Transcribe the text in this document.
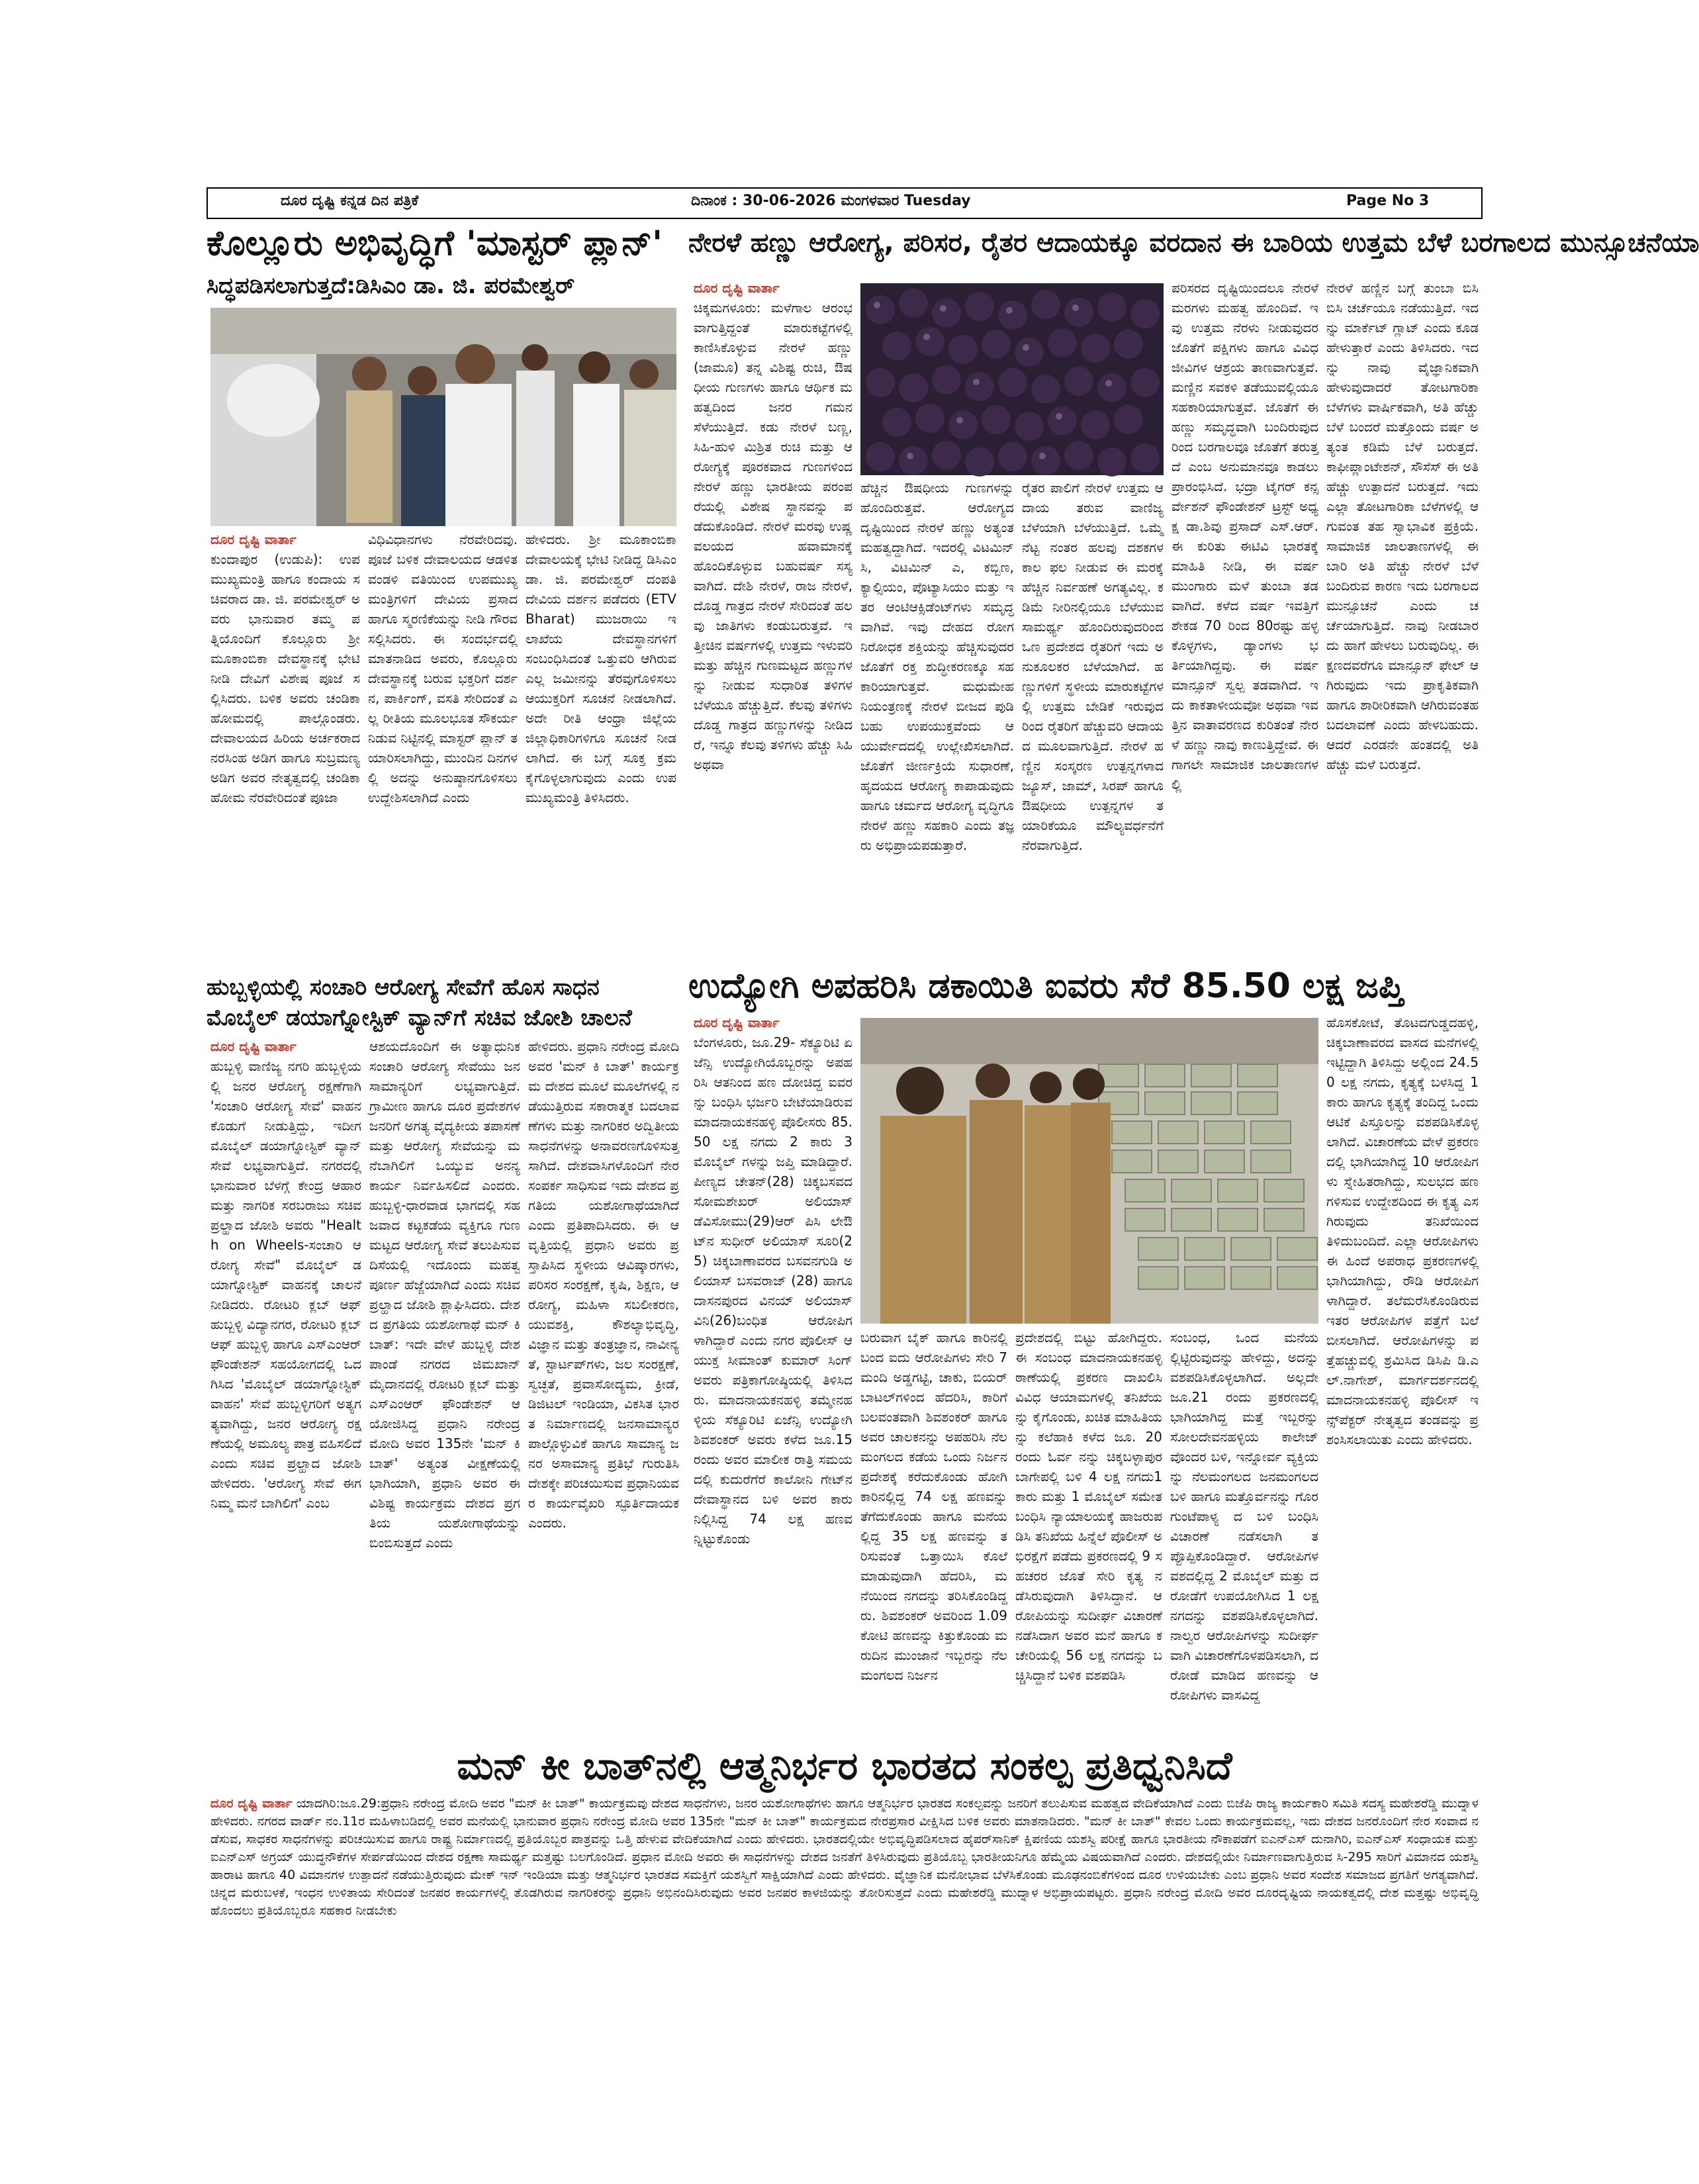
ದೂರ ದೃಷ್ಟಿ ಕನ್ನಡ ದಿನ ಪತ್ರಿಕೆ	ದಿನಾಂಕ : 30-06-2026 ಮಂಗಳವಾರ Tuesday	Page No 3
ಕೊಲ್ಲೂರು ಅಭಿವೃದ್ಧಿಗೆ 'ಮಾಸ್ಟರ್ ಪ್ಲಾನ್'
ಸಿದ್ಧಪಡಿಸಲಾಗುತ್ತದೆ:ಡಿಸಿಎಂ ಡಾ. ಜಿ. ಪರಮೇಶ್ವರ್
ದೂರ ದೃಷ್ಟಿ ವಾರ್ತಾ
ಕುಂದಾಪುರ (ಉಡುಪಿ): ಉಪಮುಖ್ಯಮಂತ್ರಿ ಹಾಗೂ ಕಂದಾಯ ಸಚಿವರಾದ ಡಾ. ಜಿ. ಪರಮೇಶ್ವರ್ ಅವರು ಭಾನುವಾರ ತಮ್ಮ ಪತ್ನಿಯೊಂದಿಗೆ ಕೊಲ್ಲೂರು ಶ್ರೀ ಮೂಕಾಂಬಿಕಾ ದೇವಸ್ಥಾನಕ್ಕೆ ಭೇಟಿ ನೀಡಿ ದೇವಿಗೆ ವಿಶೇಷ ಪೂಜೆ ಸಲ್ಲಿಸಿದರು. ಬಳಿಕ ಅವರು ಚಂಡಿಕಾ ಹೋಮದಲ್ಲಿ ಪಾಲ್ಗೊಂಡರು. ದೇವಾಲಯದ ಹಿರಿಯ ಅರ್ಚಕರಾದ ನರಸಿಂಹ ಅಡಿಗ ಹಾಗೂ ಸುಬ್ರಮಣ್ಯ ಅಡಿಗ ಅವರ ನೇತೃತ್ವದಲ್ಲಿ ಚಂಡಿಕಾ ಹೋಮ ನೆರವೇರಿದಂತೆ ಪೂಜಾ
ವಿಧಿವಿಧಾನಗಳು ನೆರವೇರಿದವು. ಪೂಜೆ ಬಳಿಕ ದೇವಾಲಯದ ಆಡಳಿತ ವಂಡಳಿ ವತಿಯಿಂದ ಉಪಮುಖ್ಯಮಂತ್ರಿಗಳಿಗೆ ದೇವಿಯ ಪ್ರಸಾದ ಹಾಗೂ ಸ್ಮರಣಿಕೆಯನ್ನು ನೀಡಿ ಗೌರವ ಸಲ್ಲಿಸಿದರು. ಈ ಸಂದರ್ಭದಲ್ಲಿ ಮಾತನಾಡಿದ ಅವರು, ಕೊಲ್ಲೂರು ದೇವಸ್ಥಾನಕ್ಕೆ ಬರುವ ಭಕ್ತರಿಗೆ ದರ್ಶನ, ಪಾರ್ಕಿಂಗ್, ವಸತಿ ಸೇರಿದಂತೆ ಎಲ್ಲ ರೀತಿಯ ಮೂಲಭೂತ ಸೌಕರ್ಯ ನಿಡುವ ನಿಟ್ಟಿನಲ್ಲಿ ಮಾಸ್ಟರ್ ಪ್ಲಾನ್ ತಯಾರಿಸಲಾಗಿದ್ದು, ಮುಂದಿನ ದಿನಗಳಲ್ಲಿ ಅದನ್ನು ಅನುಷ್ಠಾನಗೊಳಿಸಲು ಉದ್ದೇಶಿಸಲಾಗಿದೆ ಎಂದು
ಹೇಳಿದರು. ಶ್ರೀ ಮೂಕಾಂಬಿಕಾ ದೇವಾಲಯಕ್ಕೆ ಭೇಟಿ ನೀಡಿದ್ದ ಡಿಸಿಎಂ ಡಾ. ಜಿ. ಪರಮೇಶ್ವರ್ ದಂಪತಿ ದೇವಿಯ ದರ್ಶನ ಪಡೆದರು (ETV Bharat) ಮುಜರಾಯಿ ಇಲಾಖೆಯ ದೇವಸ್ಥಾನಗಳಿಗೆ ಸಂಬಂಧಿಸಿದಂತೆ ಒತ್ತುವರಿ ಆಗಿರುವ ಎಲ್ಲ ಜಮೀನನ್ನು ತೆರವುಗೊಳಿಸಲು ಆಯುಕ್ತರಿಗೆ ಸೂಚನೆ ನೀಡಲಾಗಿದೆ. ಅದೇ ರೀತಿ ಆಂಧ್ರಾ ಜಿಲ್ಲೆಯ ಜಿಲ್ಲಾಧಿಕಾರಿಗಳಿಗೂ ಸೂಚನೆ ನೀಡಲಾಗಿದೆ. ಈ ಬಗ್ಗೆ ಸೂಕ್ತ ಕ್ರಮ ಕೈಗೊಳ್ಳಲಾಗುವುದು ಎಂದು ಉಪಮುಖ್ಯಮಂತ್ರಿ ತಿಳಿಸಿದರು.
ನೇರಳೆ ಹಣ್ಣು ಆರೋಗ್ಯ, ಪರಿಸರ, ರೈತರ ಆದಾಯಕ್ಕೂ ವರದಾನ ಈ ಬಾರಿಯ ಉತ್ತಮ ಬೆಳೆ ಬರಗಾಲದ ಮುನ್ಸೂಚನೆಯಾ
ದೂರ ದೃಷ್ಟಿ ವಾರ್ತಾ
ಚಿಕ್ಕಮಗಳೂರು: ಮಳೆಗಾಲ ಆರಂಭ ವಾಗುತ್ತಿದ್ದಂತೆ ಮಾರುಕಟ್ಟೆಗಳಲ್ಲಿ ಕಾಣಿಸಿಕೊಳ್ಳುವ ನೇರಳೆ ಹಣ್ಣು (ಜಾಮೂ) ತನ್ನ ವಿಶಿಷ್ಟ ರುಚಿ, ಔಷಧೀಯ ಗುಣಗಳು ಹಾಗೂ ಆರ್ಥಿಕ ಮಹತ್ವದಿಂದ ಜನರ ಗಮನ ಸೆಳೆಯುತ್ತಿದೆ. ಕಡು ನೇರಳೆ ಬಣ್ಣ, ಸಿಹಿ-ಹುಳಿ ಮಿಶ್ರಿತ ರುಚಿ ಮತ್ತು ಆರೋಗ್ಯಕ್ಕೆ ಪೂರಕವಾದ ಗುಣಗಳಿಂದ ನೇರಳೆ ಹಣ್ಣು ಭಾರತೀಯ ಪರಂಪರೆಯಲ್ಲಿ ವಿಶೇಷ ಸ್ಥಾನವನ್ನು ಪಡೆದುಕೊಂಡಿದೆ. ನೇರಳೆ ಮರವು ಉಷ್ಣವಲಯದ ಹವಾಮಾನಕ್ಕೆ ಹೊಂದಿಕೊಳ್ಳುವ ಬಹುವರ್ಷ ಸಸ್ಯವಾಗಿದೆ. ದೇಶಿ ನೇರಳೆ, ರಾಜ ನೇರಳೆ, ದೊಡ್ಡ ಗಾತ್ರದ ನೇರಳೆ ಸೇರಿದಂತೆ ಹಲವು ಜಾತಿಗಳು ಕಂಡುಬರುತ್ತವೆ. ಇತ್ತೀಚಿನ ವರ್ಷಗಳಲ್ಲಿ ಉತ್ತಮ ಇಳುವರಿ ಮತ್ತು ಹೆಚ್ಚಿನ ಗುಣಮಟ್ಟದ ಹಣ್ಣುಗಳನ್ನು ನೀಡುವ ಸುಧಾರಿತ ತಳಿಗಳ ಬೆಳೆಯೂ ಹೆಚ್ಚುತ್ತಿದೆ. ಕೆಲವು ತಳಿಗಳು ದೊಡ್ಡ ಗಾತ್ರದ ಹಣ್ಣುಗಳನ್ನು ನೀಡಿದರೆ, ಇನ್ನೂ ಕೆಲವು ತಳಿಗಳು ಹೆಚ್ಚು ಸಿಹಿ ಅಥವಾ
ಹೆಚ್ಚಿನ ಔಷಧೀಯ ಗುಣಗಳನ್ನು ಹೊಂದಿರುತ್ತವೆ. ಆರೋಗ್ಯದ ದೃಷ್ಟಿಯಿಂದ ನೇರಳೆ ಹಣ್ಣು ಅತ್ಯಂತ ಮಹತ್ವದ್ದಾಗಿದೆ. ಇದರಲ್ಲಿ ವಿಟಮಿನ್ ಸಿ, ವಿಟಮಿನ್ ಎ, ಕಬ್ಬಿಣ, ಕ್ಯಾಲ್ಸಿಯಂ, ಪೊಟ್ಯಾಸಿಯಂ ಮತ್ತು ಇತರ ಆಂಟಿಆಕ್ಸಿಡೆಂಟ್‌ಗಳು ಸಮೃದ್ಧವಾಗಿವೆ. ಇವು ದೇಹದ ರೋಗನಿರೋಧಕ ಶಕ್ತಿಯನ್ನು ಹೆಚ್ಚಿಸುವುದರ ಜೊತೆಗೆ ರಕ್ತ ಶುದ್ಧೀಕರಣಕ್ಕೂ ಸಹಕಾರಿಯಾಗುತ್ತವೆ. ಮಧುಮೇಹ ನಿಯಂತ್ರಣಕ್ಕೆ ನೇರಳೆ ಬೀಜದ ಪುಡಿ ಬಹು ಉಪಯುಕ್ತವೆಂದು ಆಯುರ್ವೇದದಲ್ಲಿ ಉಲ್ಲೇಖಿಸಲಾಗಿದೆ. ಜೊತೆಗೆ ಜೀರ್ಣಕ್ರಿಯೆ ಸುಧಾರಣೆ, ಹೃದಯದ ಆರೋಗ್ಯ ಕಾಪಾಡುವುದು ಹಾಗೂ ಚರ್ಮದ ಆರೋಗ್ಯ ವೃದ್ಧಿಗೂ ನೇರಳೆ ಹಣ್ಣು ಸಹಕಾರಿ ಎಂದು ತಜ್ಞರು ಅಭಿಪ್ರಾಯಪಡುತ್ತಾರೆ.
ರೈತರ ಪಾಲಿಗೆ ನೇರಳೆ ಉತ್ತಮ ಆದಾಯ ತರುವ ವಾಣಿಜ್ಯ ಬೆಳೆಯಾಗಿ ಬೆಳೆಯುತ್ತಿದೆ. ಒಮ್ಮೆ ನೆಟ್ಟ ನಂತರ ಹಲವು ದಶಕಗಳ ಕಾಲ ಫಲ ನೀಡುವ ಈ ಮರಕ್ಕೆ ಹೆಚ್ಚಿನ ನಿರ್ವಹಣೆ ಅಗತ್ಯವಿಲ್ಲ. ಕಡಿಮೆ ನೀರಿನಲ್ಲಿಯೂ ಬೆಳೆಯುವ ಸಾಮರ್ಥ್ಯ ಹೊಂದಿರುವುದರಿಂದ ಒಣ ಪ್ರದೇಶದ ರೈತರಿಗೆ ಇದು ಅನುಕೂಲಕರ ಬೆಳೆಯಾಗಿದೆ. ಹಣ್ಣುಗಳಿಗೆ ಸ್ಥಳೀಯ ಮಾರುಕಟ್ಟೆಗಳಲ್ಲಿ ಉತ್ತಮ ಬೇಡಿಕೆ ಇರುವುದರಿಂದ ರೈತರಿಗೆ ಹೆಚ್ಚುವರಿ ಆದಾಯದ ಮೂಲವಾಗುತ್ತಿದೆ. ನೇರಳೆ ಹಣ್ಣಿನ ಸಂಸ್ಕರಣ ಉತ್ಪನ್ನಗಳಾದ ಜ್ಯೂಸ್, ಜಾಮ್, ಸಿರಪ್ ಹಾಗೂ ಔಷಧೀಯ ಉತ್ಪನ್ನಗಳ ತಯಾರಿಕೆಯೂ ಮೌಲ್ಯವರ್ಧನೆಗೆ ನೆರವಾಗುತ್ತಿದೆ.
ಪರಿಸರದ ದೃಷ್ಟಿಯಿಂದಲೂ ನೇರಳೆ ಮರಗಳು ಮಹತ್ವ ಹೊಂದಿವೆ. ಇವು ಉತ್ತಮ ನೆರಳು ನೀಡುವುದರ ಜೊತೆಗೆ ಪಕ್ಷಿಗಳು ಹಾಗೂ ವಿವಿಧ ಜೀವಿಗಳ ಆಶ್ರಯ ತಾಣವಾಗುತ್ತವೆ. ಮಣ್ಣಿನ ಸವಕಳಿ ತಡೆಯುವಲ್ಲಿಯೂ ಸಹಕಾರಿಯಾಗುತ್ತವೆ. ಜೊತೆಗೆ ಈ ಹಣ್ಣು ಸಮೃದ್ಧವಾಗಿ ಬಂದಿರುವುದರಿಂದ ಬರಗಾಲವೂ ಜೊತೆಗೆ ತರುತ್ತದೆ ಎಂಬ ಅನುಮಾನವೂ ಕಾಡಲು ಪ್ರಾರಂಭಿಸಿದೆ. ಭದ್ರಾ ಟೈಗರ್ ಕನ್ಸರ್ವೇಶನ್ ಫೌಂಡೇಶನ್ ಟ್ರಸ್ಟ್ ಅಧ್ಯಕ್ಷ ಡಾ.ಶಿವು ಪ್ರಸಾದ್ ಎಸ್.ಆರ್. ಈ ಕುರಿತು ಈಟಿವಿ ಭಾರತಕ್ಕೆ ಮಾಹಿತಿ ನೀಡಿ, ಈ ವರ್ಷ ಮುಂಗಾರು ಮಳೆ ತುಂಬಾ ತಡವಾಗಿದೆ. ಕಳೆದ ವರ್ಷ ಇವತ್ತಿಗೆ ಶೇಕಡ 70 ರಿಂದ 80ರಷ್ಟು ಹಳ್ಳಕೊಳ್ಳಗಳು, ಡ್ಯಾಂಗಳು ಭರ್ತಿಯಾಗಿದ್ದವು. ಈ ವರ್ಷ ಮಾನ್ಸೂನ್ ಸ್ವಲ್ಪ ತಡವಾಗಿದೆ. ಇದು ಕಾಕತಾಳೀಯವೋ ಅಥವಾ ಇವತ್ತಿನ ವಾತಾವರಣದ ಕುರಿತಂತೆ ನೇರಳೆ ಹಣ್ಣು ನಾವು ಕಾಣುತ್ತಿದ್ದೇವೆ. ಈಗಾಗಲೇ ಸಾಮಾಜಿಕ ಜಾಲತಾಣಗಳಲ್ಲಿ
ನೇರಳೆ ಹಣ್ಣಿನ ಬಗ್ಗೆ ತುಂಬಾ ಬಿಸಿ ಬಿಸಿ ಚರ್ಚೆಯೂ ನಡೆಯುತ್ತಿದೆ. ಇದನ್ನು ಮಾರ್ಕೆಟ್ ಗ್ಲಾಟ್ ಎಂದು ಕೂಡ ಹೇಳುತ್ತಾರೆ ಎಂದು ತಿಳಿಸಿದರು. ಇದನ್ನು ನಾವು ವೈಜ್ಞಾನಿಕವಾಗಿ ಹೇಳುವುದಾದರೆ ತೋಟಗಾರಿಕಾ ಬೆಳೆಗಳು ವಾರ್ಷಿಕವಾಗಿ, ಅತಿ ಹೆಚ್ಚು ಬೆಳೆ ಬಂದರೆ ಮತ್ತೊಂದು ವರ್ಷ ಅತ್ಯಂತ ಕಡಿಮೆ ಬೆಳೆ ಬರುತ್ತದೆ. ಕಾಫೀಪ್ಲಾಂಟೇಶನ್, ಸೌಸೆಸ್ ಈ ಅತಿ ಹೆಚ್ಚು ಉತ್ಪಾದನೆ ಬರುತ್ತದೆ. ಇದು ಎಲ್ಲಾ ತೋಟಗಾರಿಕಾ ಬೆಳೆಗಳಲ್ಲಿ ಆಗುವಂತ ತಹ ಸ್ವಾಭಾವಿಕ ಪ್ರಕ್ರಿಯೆ. ಸಾಮಾಜಿಕ ಜಾಲತಾಣಗಳಲ್ಲಿ ಈ ಬಾರಿ ಅತಿ ಹೆಚ್ಚು ನೇರಳೆ ಬೆಳೆ ಬಂದಿರುವ ಕಾರಣ ಇದು ಬರಗಾಲದ ಮುನ್ಸೂಚನೆ ಎಂದು ಚರ್ಚೆಯಾಗುತ್ತಿದೆ. ನಾವು ನೀಡಬಾರದು ಹಾಗೆ ಹೇಳಲು ಬರುವುದಿಲ್ಲ. ಈ ಕ್ಷಣದವರೆಗೂ ಮಾನ್ಸೂನ್ ಫೇಲ್ ಆಗಿರುವುದು ಇದು ಪ್ರಾಕೃತಿಕವಾಗಿ ಹಾಗೂ ಶಾರೀರಿಕವಾಗಿ ಆಗಿರುವಂತಹ ಬದಲಾವಣೆ ಎಂದು ಹೇಳಬಹುದು. ಆದರೆ ಎರಡನೇ ಹಂತದಲ್ಲಿ ಅತಿ ಹೆಚ್ಚು ಮಳೆ ಬರುತ್ತದೆ.
ಹುಬ್ಬಳ್ಳಿಯಲ್ಲಿ ಸಂಚಾರಿ ಆರೋಗ್ಯ ಸೇವೆಗೆ ಹೊಸ ಸಾಧನ
ಮೊಬೈಲ್ ಡಯಾಗ್ನೋಸ್ಟಿಕ್ ವ್ಯಾನ್‌ಗೆ ಸಚಿವ ಜೋಶಿ ಚಾಲನೆ
ದೂರ ದೃಷ್ಟಿ ವಾರ್ತಾ
ಹುಬ್ಬಳ್ಳಿ ವಾಣಿಜ್ಯ ನಗರಿ ಹುಬ್ಬಳ್ಳಿಯಲ್ಲಿ ಜನರ ಆರೋಗ್ಯ ರಕ್ಷಣೆಗಾಗಿ 'ಸಂಚಾರಿ ಆರೋಗ್ಯ ಸೇವೆ' ವಾಹನ ಕೊಡುಗೆ ನೀಡುತ್ತಿದ್ದು, ಇದೀಗ ಮೊಬೈಲ್ ಡಯಾಗ್ನೋಸ್ಟಿಕ್ ವ್ಯಾನ್ ಸೇವೆ ಲಭ್ಯವಾಗುತ್ತಿದೆ. ನಗರದಲ್ಲಿ ಭಾನುವಾರ ಬೆಳಗ್ಗೆ ಕೇಂದ್ರ ಆಹಾರ ಮತ್ತು ನಾಗರಿಕ ಸರಬರಾಜು ಸಚಿವ ಪ್ರಲ್ಹಾದ ಜೋಶಿ ಅವರು "Health on Wheels-ಸಂಚಾರಿ ಆರೋಗ್ಯ ಸೇವೆ" ಮೊಬೈಲ್ ಡಯಾಗ್ನೋಸ್ಟಿಕ್ ವಾಹನಕ್ಕೆ ಚಾಲನೆ ನೀಡಿದರು. ರೋಟರಿ ಕ್ಲಬ್ ಆಫ್ ಹುಬ್ಬಳ್ಳಿ ವಿದ್ಯಾನಗರ, ರೋಟರಿ ಕ್ಲಬ್ ಆಫ್ ಹುಬ್ಬಳ್ಳಿ ಹಾಗೂ ಎಸ್‌ಎಂಆರ್ ಫೌಂಡೇಶನ್ ಸಹಯೋಗದಲ್ಲಿ ಒದಗಿಸಿದ 'ಮೊಬೈಲ್ ಡಯಾಗ್ನೋಸ್ಟಿಕ್ ವಾಹನ' ಸೇವೆ ಹುಬ್ಬಳ್ಳಿಗರಿಗೆ ಅತ್ಯಗತ್ಯವಾಗಿದ್ದು, ಜನರ ಆರೋಗ್ಯ ರಕ್ಷಣೆಯಲ್ಲಿ ಅಮೂಲ್ಯ ಪಾತ್ರ ವಹಿಸಲಿದೆ ಎಂದು ಸಚಿವ ಪ್ರಲ್ಹಾದ ಜೋಶಿ ಹೇಳಿದರು. 'ಆರೋಗ್ಯ ಸೇವೆ ಈಗ ನಿಮ್ಮ ಮನೆ ಬಾಗಿಲಿಗೆ' ಎಂಬ
ಆಶಯದೊಂದಿಗೆ ಈ ಅತ್ಯಾಧುನಿಕ ಸಂಚಾರಿ ಆರೋಗ್ಯ ಸೇವೆಯು ಜನಸಾಮಾನ್ಯರಿಗೆ ಲಭ್ಯವಾಗುತ್ತಿದೆ. ಗ್ರಾಮೀಣ ಹಾಗೂ ದೂರ ಪ್ರದೇಶಗಳ ಜನರಿಗೆ ಅಗತ್ಯ ವೈದ್ಯಕೀಯ ತಪಾಸಣೆ ಮತ್ತು ಆರೋಗ್ಯ ಸೇವೆಯನ್ನು ಮನೆಬಾಗಿಲಿಗೆ ಒಯ್ಯುವ ಅನನ್ಯ ಕಾರ್ಯ ನಿರ್ವಹಿಸಲಿದೆ ಎಂದರು. ಹುಬ್ಬಳ್ಳಿ-ಧಾರವಾಡ ಭಾಗದಲ್ಲಿ ಸಹಜವಾದ ಕಟ್ಟಕಡೆಯ ವ್ಯಕ್ತಿಗೂ ಗುಣಮಟ್ಟದ ಆರೋಗ್ಯ ಸೇವೆ ತಲುಪಿಸುವ ದಿಸೆಯಲ್ಲಿ ಇದೊಂದು ಮಹತ್ವಪೂರ್ಣ ಹೆಜ್ಜೆಯಾಗಿದೆ ಎಂದು ಸಚಿವ ಪ್ರಲ್ಹಾದ ಜೋಶಿ ಶ್ಲಾಘಿಸಿದರು. ದೇಶದ ಪ್ರಗತಿಯ ಯಶೋಗಾಥೆ ಮನ್ ಕಿ ಬಾತ್: ಇದೇ ವೇಳೆ ಹುಬ್ಬಳ್ಳಿ ದೇಶಪಾಂಡೆ ನಗರದ ಜಿಮಖಾನ್ ಮೈದಾನದಲ್ಲಿ ರೋಟರಿ ಕ್ಲಬ್ ಮತ್ತು ಎಸ್‌ಎಂಆರ್ ಫೌಂಡೇಶನ್ ಆಯೋಜಿಸಿದ್ದ ಪ್ರಧಾನಿ ನರೇಂದ್ರ ಮೋದಿ ಅವರ 135ನೇ 'ಮನ್ ಕಿ ಬಾತ್' ಅತ್ಯಂತ ವೀಕ್ಷಣೆಯಲ್ಲಿ ಭಾಗಿಯಾಗಿ, ಪ್ರಧಾನಿ ಅವರ ಈ ವಿಶಿಷ್ಟ ಕಾರ್ಯಕ್ರಮ ದೇಶದ ಪ್ರಗತಿಯ ಯಶೋಗಾಥೆಯನ್ನು ಬಿಂಬಿಸುತ್ತದೆ ಎಂದು
ಹೇಳಿದರು. ಪ್ರಧಾನಿ ನರೇಂದ್ರ ಮೋದಿ ಅವರ 'ಮನ್ ಕಿ ಬಾತ್' ಕಾರ್ಯಕ್ರಮ ದೇಶದ ಮೂಲೆ ಮೂಲೆಗಳಲ್ಲಿ ನಡೆಯುತ್ತಿರುವ ಸಕಾರಾತ್ಮಕ ಬದಲಾವಣೆಗಳು ಮತ್ತು ನಾಗರಿಕರ ಅದ್ವಿತೀಯ ಸಾಧನೆಗಳನ್ನು ಅನಾವರಣಗೊಳಿಸುತ್ತ ಸಾಗಿದೆ. ದೇಶವಾಸಿಗಳೊಂದಿಗೆ ನೇರ ಸಂಪರ್ಕ ಸಾಧಿಸುವ ಇದು ದೇಶದ ಪ್ರಗತಿಯ ಯಶೋಗಾಥೆಯಾಗಿದೆ ಎಂದು ಪ್ರತಿಪಾದಿಸಿದರು. ಈ ಆವೃತ್ತಿಯಲ್ಲಿ ಪ್ರಧಾನಿ ಅವರು ಪ್ರಸ್ತಾಪಿಸಿದ ಸ್ಥಳೀಯ ಆವಿಷ್ಕಾರಗಳು, ಪರಿಸರ ಸಂರಕ್ಷಣೆ, ಕೃಷಿ, ಶಿಕ್ಷಣ, ಆರೋಗ್ಯ, ಮಹಿಳಾ ಸಬಲೀಕರಣ, ಯುವಶಕ್ತಿ, ಕೌಶಲ್ಯಾಭಿವೃದ್ಧಿ, ವಿಜ್ಞಾನ ಮತ್ತು ತಂತ್ರಜ್ಞಾನ, ನಾವೀನ್ಯತೆ, ಸ್ಟಾರ್ಟಪ್‌ಗಳು, ಜಲ ಸಂರಕ್ಷಣೆ, ಸ್ವಚ್ಛತೆ, ಪ್ರವಾಸೋದ್ಯಮ, ಕ್ರೀಡೆ, ಡಿಜಿಟಲ್ ಇಂಡಿಯಾ, ವಿಕಸಿತ ಭಾರತ ನಿರ್ಮಾಣದಲ್ಲಿ ಜನಸಾಮಾನ್ಯರ ಪಾಲ್ಗೊಳ್ಳುವಿಕೆ ಹಾಗೂ ಸಾಮಾನ್ಯ ಜನರ ಅಸಾಮಾನ್ಯ ಪ್ರತಿಭೆ ಗುರುತಿಸಿ ದೇಶಕ್ಕೇ ಪರಿಚಯಿಸುವ ಪ್ರಧಾನಿಯವರ ಕಾರ್ಯವೈಖರಿ ಸ್ಫೂರ್ತಿದಾಯಕ ಎಂದರು.
ಉದ್ಯೋಗಿ ಅಪಹರಿಸಿ ಡಕಾಯಿತಿ ಐವರು ಸೆರೆ 85.50 ಲಕ್ಷ ಜಪ್ತಿ
ದೂರ ದೃಷ್ಟಿ ವಾರ್ತಾ
ಬೆಂಗಳೂರು, ಜೂ.29- ಸೆಕ್ಯೂರಿಟಿ ಏಜೆನ್ಸಿ ಉದ್ಯೋಗಿಯೊಬ್ಬರನ್ನು ಅಪಹರಿಸಿ ಆತನಿಂದ ಹಣ ದೋಚಿದ್ದ ಐವರನ್ನು ಬಂಧಿಸಿ ಭರ್ಜರಿ ಬೇಟೆಯಾಡಿರುವ ಮಾದನಾಯಕನಹಳ್ಳಿ ಪೊಲೀಸರು 85.50 ಲಕ್ಷ ನಗದು 2 ಕಾರು 3 ಮೊಬೈಲ್ ಗಳನ್ನು ಜಪ್ತಿ ಮಾಡಿದ್ದಾರೆ. ಪೀಣ್ಯದ ಚೇತನ್(28) ಚಿಕ್ಕಬಸವದ ಸೋಮಶೇಖರ್ ಅಲಿಯಾಸ್ ಡೆವಿಸೋಮು(29)ಆರ್ ಪಿಸಿ ಲೇಔಟ್‌ನ ಸುಧೀರ್ ಅಲಿಯಾಸ್ ಸೂರಿ(25) ಚಿಕ್ಕಬಾಣಾವರದ ಬಸವನಗುಡಿ ಅಲಿಯಾಸ್ ಬಸವರಾಜ್ (28) ಹಾಗೂ ದಾಸನಪುರದ ವಿನಯ್ ಅಲಿಯಾಸ್ ವಿನಿ(26)ಬಂಧಿತ ಆರೋಪಿಗಳಾಗಿದ್ದಾರೆ ಎಂದು ನಗರ ಪೊಲೀಸ್ ಆಯುಕ್ತ ಸೀಮಾಂತ್ ಕುಮಾರ್ ಸಿಂಗ್ ಅವರು ಪತ್ರಿಕಾಗೋಷ್ಠಿಯಲ್ಲಿ ತಿಳಿಸಿದರು. ಮಾದನಾಯಕನಹಳ್ಳಿ ತಮ್ಮೇನಹಳ್ಳಿಯ ಸೆಕ್ಯೂರಿಟಿ ಏಜೆನ್ಸಿ ಉದ್ಯೋಗಿ ಶಿವಶಂಕರ್ ಅವರು ಕಳೆದ ಜೂ.15 ರಂದು ಅವರ ಮಾಲೀಕ ರಾತ್ರಿ ಸಮಯದಲ್ಲಿ ಕುದುರೆಗೆರೆ ಕಾಲೋನಿ ಗೇಟ್‌ನ ದೇವಾಸ್ಥಾನದ ಬಳಿ ಅವರ ಕಾರು ನಿಲ್ಲಿಸಿದ್ದ 74 ಲಕ್ಷ ಹಣವನ್ನಿಟ್ಟುಕೊಂಡು
ಬರುವಾಗ ಬೈಕ್ ಹಾಗೂ ಕಾರಿನಲ್ಲಿ ಬಂದ ಐದು ಆರೋಪಿಗಳು ಸೇರಿ 7 ಮಂದಿ ಅಡ್ಡಗಟ್ಟಿ, ಚಾಕು, ಬಿಯರ್ ಬಾಟಲ್‌ಗಳಿಂದ ಹೆದರಿಸಿ, ಕಾರಿಗೆ ಬಲವಂತವಾಗಿ ಶಿವಶಂಕರ್ ಹಾಗೂ ಅವರ ಚಾಲಕನನ್ನು ಅಪಹರಿಸಿ ನೆಲಮಂಗಲದ ಕಡೆಯ ಒಂದು ನಿರ್ಜನ ಪ್ರದೇಶಕ್ಕೆ ಕರೆದುಕೊಂಡು ಹೋಗಿ ಕಾರಿನಲ್ಲಿದ್ದ 74 ಲಕ್ಷ ಹಣವನ್ನು ತೆಗೆದುಕೊಂಡು ಹಾಗೂ ಮನೆಯಲ್ಲಿದ್ದ 35 ಲಕ್ಷ ಹಣವನ್ನು ತರಿಸುವಂತೆ ಒತ್ತಾಯಿಸಿ ಕೊಲೆ ಮಾಡುವುದಾಗಿ ಹೆದರಿಸಿ, ಮನೆಯಿಂದ ನಗದನ್ನು ತರಿಸಿಕೊಂಡಿದ್ದರು. ಶಿವಶಂಕರ್ ಅವರಿಂದ 1.09 ಕೋಟಿ ಹಣವನ್ನು ಕಿತ್ತುಕೊಂಡು ಮರುದಿನ ಮುಂಜಾನೆ ಇಬ್ಬರನ್ನು ನೆಲಮಂಗಲದ ನಿರ್ಜನ
ಪ್ರದೇಶದಲ್ಲಿ ಬಿಟ್ಟು ಹೋಗಿದ್ದರು. ಈ ಸಂಬಂಧ ಮಾದನಾಯಕನಹಳ್ಳಿ ಠಾಣೆಯಲ್ಲಿ ಪ್ರಕರಣ ದಾಖಲಿಸಿ ವಿವಿಧ ಆಯಾಮಗಳಲ್ಲಿ ತನಿಖೆಯನ್ನು ಕೈಗೊಂಡು, ಖಚಿತ ಮಾಹಿತಿಯನ್ನು ಕಲೆಹಾಕಿ ಕಳೆದ ಜೂ. 20 ರಂದು ಓರ್ವ ನನ್ನು ಚಿಕ್ಕಬಳ್ಳಾಪುರ ಬಾಗೇಪಲ್ಲಿ ಬಳಿ 4 ಲಕ್ಷ ನಗದು1 ಕಾರು ಮತ್ತು 1 ಮೊಬೈಲ್ ಸಮೇತ ಬಂಧಿಸಿ ನ್ಯಾಯಾಲಯಕ್ಕೆ ಹಾಜರುಪಡಿಸಿ ತನಿಖೆಯ ಹಿನ್ನೆಲೆ ಪೊಲೀಸ್ ಅಭಿರಕ್ಷೆಗೆ ಪಡೆದು ಪ್ರಕರಣದಲ್ಲಿ 9 ಸಹಚರರ ಜೊತೆ ಸೇರಿ ಕೃತ್ಯ ನಡೆಸಿರುವುದಾಗಿ ತಿಳಿಸಿದ್ದಾನೆ. ಆರೋಪಿಯನ್ನು ಸುದೀರ್ಘ ವಿಚಾರಣೆ ನಡೆಸಿದಾಗ ಅವರ ಮನೆ ಹಾಗೂ ಕಚೇರಿಯಲ್ಲಿ 56 ಲಕ್ಷ ನಗದನ್ನು ಬಚ್ಚಿಸಿದ್ದಾನೆ ಬಳಿಕ ವಶಪಡಿಸಿ
ಸಂಬಂಧ, ಒಂದ ಮನೆಯಲ್ಲಿಟ್ಟಿರುವುದನ್ನು ಹೇಳಿದ್ದು, ಅದನ್ನು ವಶಪಡಿಸಿಕೊಳ್ಳಲಾಗಿದೆ. ಅಲ್ಲದೇ ಜೂ.21 ರಂದು ಪ್ರಕರಣದಲ್ಲಿ ಭಾಗಿಯಾಗಿದ್ದ ಮತ್ತೆ ಇಬ್ಬರನ್ನು ಸೋಲದೇವನಹಳ್ಳಿಯ ಕಾಲೇಜ್ ವೊಂದರ ಬಳಿ, ಇನ್ನೋರ್ವ ವ್ಯಕ್ತಿಯನ್ನು ನೆಲಮಂಗಲದ ಜನಮಂಗಲದ ಬಳಿ ಹಾಗೂ ಮತ್ತೊರ್ವನನ್ನು ಗೊರಗುಂಟೆಪಾಳ್ಯ ದ ಬಳಿ ಬಂಧಿಸಿ ವಿಚಾರಣೆ ನಡೆಸಲಾಗಿ ತಪ್ಪೊಪ್ಪಿಕೊಂಡಿದ್ದಾರೆ. ಆರೋಪಿಗಳ ವಶದಲ್ಲಿದ್ದ 2 ಮೊಬೈಲ್ ಮತ್ತು ದರೋಡೆಗೆ ಉಪಯೋಗಿಸಿದ 1 ಲಕ್ಷ ನಗದನ್ನು ವಶಪಡಿಸಿಕೊಳ್ಳಲಾಗಿದೆ. ನಾಲ್ವರ ಆರೋಪಿಗಳನ್ನು ಸುದೀರ್ಘವಾಗಿ ವಿಚಾರಣೆಗೊಳಪಡಿಸಲಾಗಿ, ದರೋಡೆ ಮಾಡಿದ ಹಣವನ್ನು ಆರೋಪಿಗಳು ವಾಸವಿದ್ದ
ಹೊಸಕೋಟೆ, ತೊಟದಗುಡ್ಡದಹಳ್ಳಿ, ಚಿಕ್ಕಬಾಣಾವರದ ವಾಸದ ಮನೆಗಳಲ್ಲಿ ಇಟ್ಟಿದ್ದಾಗಿ ತಿಳಿಸಿದ್ದು ಅಲ್ಲಿಂದ 24.50 ಲಕ್ಷ ನಗದು, ಕೃತ್ಯಕ್ಕೆ ಬಳಸಿದ್ದ 1 ಕಾರು ಹಾಗೂ ಕೃತ್ಯಕ್ಕೆ ತಂದಿದ್ದ ಒಂದು ಆಟಿಕೆ ಪಿಸ್ತೂಲನ್ನು ವಶಪಡಿಸಿಕೊಳ್ಳಲಾಗಿದೆ. ವಿಚಾರಣೆಯ ವೇಳೆ ಪ್ರಕರಣದಲ್ಲಿ ಭಾಗಿಯಾಗಿದ್ದ 10 ಆರೋಪಿಗಳು ಸ್ನೇಹಿತರಾಗಿದ್ದು, ಸುಲಭದ ಹಣಗಳಿಸುವ ಉದ್ದೇಶದಿಂದ ಈ ಕೃತ್ಯ ಎಸಗಿರುವುದು ತನಿಖೆಯಿಂದ ತಿಳಿದುಬಂದಿದೆ. ಎಲ್ಲಾ ಆರೋಪಿಗಳು ಈ ಹಿಂದೆ ಅಪರಾಧ ಪ್ರಕರಣಗಳಲ್ಲಿ ಭಾಗಿಯಾಗಿದ್ದು, ರೌಡಿ ಆರೋಪಿಗಳಾಗಿದ್ದಾರೆ. ತಲೆಮರೆಸಿಕೊಂಡಿರುವ ಇತರ ಆರೋಪಿಗಳ ಪತ್ತೆಗೆ ಬಲೆ ಬೀಸಲಾಗಿದೆ. ಆರೋಪಿಗಳನ್ನು ಪತ್ತೆಹಚ್ಚುವಲ್ಲಿ ಶ್ರಮಿಸಿದ ಡಿಸಿಪಿ ಡಿ.ಎಲ್.ನಾಗೇಶ್, ಮಾರ್ಗದರ್ಶನದಲ್ಲಿ ಮಾದನಾಯಕನಹಳ್ಳಿ ಪೊಲೀಸ್ ಇನ್ಸ್‌ಪೆಕ್ಟರ್ ನೇತೃತ್ವದ ತಂಡವನ್ನು ಪ್ರಶಂಸಿಸಲಾಯಿತು ಎಂದು ಹೇಳಿದರು.
ಮನ್ ಕೀ ಬಾತ್‌ನಲ್ಲಿ ಆತ್ಮನಿರ್ಭರ ಭಾರತದ ಸಂಕಲ್ಪ ಪ್ರತಿಧ್ವನಿಸಿದೆ
ದೂರ ದೃಷ್ಟಿ ವಾರ್ತಾ ಯಾದಗಿರಿ:ಜೂ.29:ಪ್ರಧಾನಿ ನರೇಂದ್ರ ಮೋದಿ ಅವರ "ಮನ್ ಕೀ ಬಾತ್" ಕಾರ್ಯಕ್ರಮವು ದೇಶದ ಸಾಧನೆಗಳು, ಜನರ ಯಶೋಗಾಥೆಗಳು ಹಾಗೂ ಆತ್ಮನಿರ್ಭರ ಭಾರತದ ಸಂಕಲ್ಪವನ್ನು ಜನರಿಗೆ ತಲುಪಿಸುವ ಮಹತ್ವದ ವೇದಿಕೆಯಾಗಿದೆ ಎಂದು ಬಿಜೆಪಿ ರಾಜ್ಯ ಕಾರ್ಯಕಾರಿ ಸಮಿತಿ ಸದಸ್ಯ ಮಹೇಶರೆಡ್ಡಿ ಮುದ್ನಾಳ ಹೇಳಿದರು. ನಗರದ ವಾರ್ಡ್ ನಂ.11ರ ಮಹಿಳಾಬಡಿದಲ್ಲಿ ಅವರ ಮನೆಯಲ್ಲಿ ಭಾನುವಾರ ಪ್ರಧಾನಿ ನರೇಂದ್ರ ಮೋದಿ ಅವರ 135ನೇ "ಮನ್ ಕೀ ಬಾತ್" ಕಾರ್ಯಕ್ರಮದ ನೇರಪ್ರಸಾರ ವೀಕ್ಷಿಸಿದ ಬಳಿಕ ಅವರು ಮಾತನಾಡಿದರು. "ಮನ್ ಕೀ ಬಾತ್" ಕೇವಲ ಒಂದು ಕಾರ್ಯಕ್ರಮವಲ್ಲ, ಇದು ದೇಶದ ಜನರೊಂದಿಗೆ ನೇರ ಸಂವಾದ ನಡೆಸುವ, ಸಾಧಕರ ಸಾಧನೆಗಳನ್ನು ಪರಿಚಯಿಸುವ ಹಾಗೂ ರಾಷ್ಟ್ರ ನಿರ್ಮಾಣದಲ್ಲಿ ಪ್ರತಿಯೊಬ್ಬರ ಪಾತ್ರವನ್ನು ಒತ್ತಿ ಹೇಳುವ ವೇದಿಕೆಯಾಗಿದೆ ಎಂದು ಹೇಳಿದರು. ಭಾರತದಲ್ಲಿಯೇ ಅಭಿವೃದ್ಧಿಪಡಿಸಲಾದ ಹೈಪರ್‌ಸಾನಿಕ್ ಕ್ಷಿಪಣಿಯ ಯಶಸ್ವಿ ಪರೀಕ್ಷೆ ಹಾಗೂ ಭಾರತೀಯ ನೌಕಾಪಡೆಗೆ ಐಎನ್‌ಎಸ್ ದುನಾಗಿರಿ, ಐಎನ್‌ಎಸ್ ಸಂಧಾಯಕ ಮತ್ತು ಐಎನ್‌ಎಸ್ ಅಗ್ರಯ್ ಯುದ್ಧನೌಕೆಗಳ ಸೇರ್ಪಡೆಯಿಂದ ದೇಶದ ರಕ್ಷಣಾ ಸಾಮರ್ಥ್ಯ ಮತ್ತಷ್ಟು ಬಲಗೊಂಡಿದೆ. ಪ್ರಧಾನ ಮೋದಿ ಅವರು ಈ ಸಾಧನೆಗಳನ್ನು ದೇಶದ ಜನತೆಗೆ ತಿಳಿಸಿರುವುದು ಪ್ರತಿಯೊಬ್ಬ ಭಾರತೀಯನಿಗೂ ಹೆಮ್ಮೆಯ ವಿಷಯವಾಗಿದೆ ಎಂದರು. ದೇಶದಲ್ಲಿಯೇ ನಿರ್ಮಾಣವಾಗುತ್ತಿರುವ ಸಿ-295 ಸಾರಿಗೆ ವಿಮಾನದ ಯಶಸ್ವಿ ಹಾರಾಟ ಹಾಗೂ 40 ವಿಮಾನಗಳ ಉತ್ಪಾದನೆ ನಡೆಯುತ್ತಿರುವುದು ಮೇಕ್ ಇನ್ ಇಂಡಿಯಾ ಮತ್ತು ಆತ್ಮನಿರ್ಭರ ಭಾರತದ ಸಮಕ್ತಿಗೆ ಯಶಸ್ವಿಗೆ ಸಾಕ್ಷಿಯಾಗಿದೆ ಎಂದು ಹೇಳಿದರು. ವೈಜ್ಞಾನಿಕ ಮನೋಭಾವ ಬೆಳೆಸಿಕೊಂಡು ಮೂಢನಂಬಿಕೆಗಳಿಂದ ದೂರ ಉಳಿಯಬೇಕು ಎಂಬ ಪ್ರಧಾನಿ ಅವರ ಸಂದೇಶ ಸಮಾಜದ ಪ್ರಗತಿಗೆ ಅಗತ್ಯವಾಗಿದೆ. ಚಿನ್ನದ ಮರುಬಳಕೆ, ಇಂಧನ ಉಳಿತಾಯ ಸೇರಿದಂತೆ ಜನಪರ ಕಾರ್ಯಗಳಲ್ಲಿ ತೊಡಗಿರುವ ನಾಗರಿಕರನ್ನು ಪ್ರಧಾನಿ ಅಭಿನಂದಿಸಿರುವುದು ಅವರ ಜನಪರ ಕಾಳಜಿಯನ್ನು ತೋರಿಸುತ್ತದೆ ಎಂದು ಮಹೇಶರೆಡ್ಡಿ ಮುದ್ನಾಳ ಅಭಿಪ್ರಾಯಪಟ್ಟರು. ಪ್ರಧಾನಿ ನರೇಂದ್ರ ಮೋದಿ ಅವರ ದೂರದೃಷ್ಟಿಯ ನಾಯಕತ್ವದಲ್ಲಿ ದೇಶ ಮತ್ತಷ್ಟು ಅಭಿವೃದ್ಧಿ ಹೊಂದಲು ಪ್ರತಿಯೊಬ್ಬರೂ ಸಹಕಾರ ನೀಡಬೇಕು
